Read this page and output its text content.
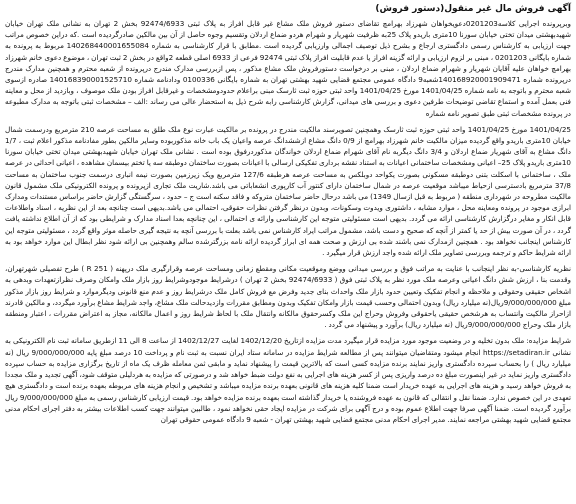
آگهی فروش مال غیر منقول(دستور فروش)

وبرپرونده اجرایی کلاسه0201203دعویخواهان شهرزاد بهرامچ تقاضای دستور فروش ملک مشاع غیر قابل افراز به پلاک ثبتی 92474/6933 بخش 2 تهران به نشانی ملک تهران خیابان شهیدبهشتی میدان تختی خیابان سورنا 10متری باریدو پلاک 25به ظرفیت شهریار و شهرام هردو ضماع اردلان وتقسیم وجوه حاصل از آن بین مالکین صادرگردیده است .که دراین خصوص مراتب جهت ارزیابی به کارشناس رسمی دادگستری ارجاع و بشرح ذیل توصیف اجمالی وارزیابی گردیده است .مطابق با قرار کارشناسی به شماره 140268440001655084 مربوط به پرونده به شماره بایگانی 0201203 ، مبنی بر لزوم ارزیابی و ارائه گزینه افراز یا عدم قابلیت افراز پلاک ثبتی 92474 فرعی از 6933 اصلی قطعه 2واقع در بخش 2 ثبت تهران ، موضوع دعوی خانم شهرزاد بهرامچ خواهان علیه آقایان شهریار و شهرام ضماع اردلان ، مبنی بر درخواست دستورفروش ملک مشاع مذکور ، پس ازبررسی مدارک مندرج درپرونده از شعبه محترم و همچنین مدارک مندرج درپرونده شماره 140168920001909471شعبه9 دادگاه عمومی مجتمع قضایی شهید بهشتی تهران به شماره بایگانی 0100336 ودادنامه شماره 140168390001525710 صادره ازسوی شعبه محترم و باتوجه به نامه شماره 1401/04/25 مورخ 1401/04/25 واحد ثبتی حوزه ثبت ثارسک مبنی براعلام حدودومشخصات و غیرقابل افراز بودن ملک موصوف ، وبازدید از محل و معاینه فنی بعمل آمده و استماع تقاضی توضیحات طرفین دعوی و بررسی های میدانی، گزارش کارشناسی رابه شرح ذیل به استحضار عالی می رساند :الف – مشخصات ثبتی باتوجه به مدارک مطبوعه در پرونده مشخصات ثبتی طبق تصویر نامه شماره

1401/04/25 مورخ 1401/04/25 واحد ثبتی حوزه ثبت ثارسک وهمچنین تصویرسند مالکیت مندرج در پرونده بر مالکیت عبارت نوع ملک طلق به مساحت عرصه 210 مترمربع ودرسمت شمال خیابان 10متری باریدو واقع گردیده میزان مالکیت خانم شهرزاد بهرامچ از 0/9 دانگ مشاع ازششدانگ عرصه واعیان یک باب خانه مذکوربوده وسایر مالکین بطور مفادنامه مذکور اعلام ثبت ، 1/7 دانگ مشاع به آقای شهریار ضماع اردلان و 3/4 دانگ دیگربه نام آقای شهرام ضماع اردلان خواندگان مذکوردرفوق بوده است . نشانی ملک تهران خیابان شهیدبهشتی میدان تختی خیابان سورنا 10متری باریدو پلاک 25– اعیانی ومشخصات ساختمانی اعیانات به استناد نقشه برداری تفکیکی ارسالی با اعیانات بصورت ساختمان دوطبقه سه یا تختم بیسمان مشاهده ، اعیانی احداثی در عرصه ملک ، ساختمانی با اسکلت بتنی دوطبقه مسکونی بصورت یکواحد دوبلکس به مساحت عرصه هرطبقه 127/6 مترمربع ویک زیرزمین بصورت نیمه انباری درسمت جنوب ساختمان به مساحت 37/8 مترمربع بادسترسی ازحیاط میباشد موقعیت عرصه در شمال ساختمان دارای کنتور آب کارپوری انشعاباتی می باشد.شاریت ملک تجاری ازپرونده و پرونده الکترونیکی ملک مشمول قانون مالکیت مطروحه در شهرداری منطقه ( مربوط به قبل ازسال 1349) می باشد درحال حاضر ساختمان متروکه و فاقد سکنه است ج – حدود ، سرگستگی گزارش حاضر براساس مستندات ومدارک ابرازی موجود در پرونده ومعاینه محل ، موارد مشابه ، داشتوری ویدوت وسکونات، وبدون درنظر گرفتن نظرات حقوقی، احتمالی می باشد.بدیهی است چنانچه بعد از این نظریه ، اسناد واطلاعات قابل انکار و مغایر درگزارش کارشناسی ارائه می گردد. بدیهی است مسئولیتی متوجه این کارشناسی وارائه ی احتمالی ، این چنانچه بعدا اسناد مدارک و شرایطی بود که از آن اطلاع نداشته یافت گردد ، در آن صورت بیش از حد یا کمتر از آنچه که صحیح و دست باشد، مشمول مراتب ایراد کارشناس نمی باشد بعلت با بررسی آنچه به نتیجه گیری حاصله موثر واقع گردد ، مسئولیتی متوجه این کارشناس اینجانب نخواهد بود . همچنین ازمدارک نمی باشند شده بی ارزش و صحت همه ای ابراز گردیده ارائه نامه بزرگترشده سالم وهمچنین بی ارائه شود نظر ابطال این موارد خواهد بود به ارائه شرایط حاکم و ترجمه وبررسی تصاویر ملک ارائه شده واجد ارزش قرار میگیرد .

نظریه کارشناسی-به نظر اینجانب با عنایت به مراتب فوق و بررسی میدانی ووضع وموقعیت مکانی ومقطع زمانی ومساحت عرصه وقرارگیری ملک درپهنه ( R 251 ) طرح تفصیلی شهرتهران، وقدمت بنا ، ارزش شش دانگ اعیانی وعرصه ملک مورد نظر به پلاک ثبتی فوق ( 92474/6933 بخش 2 تهران ) درشرایط موجودوشرایط روز بازار ملک وامکان وصرف نظرازتعهدات وبدهی به اشخاص حقیقی وحقوقی و ملاحظه و انجام تفکیک وتعیین حدود بازار ملک واحداث بنای جدید وفرض مع فروش کامل ملک درشرایط روز و عدم منع قانونی ودیگرموارد و شرایط روز بازار مذکور مبلغ 9/000/000/000ریال(نه میلیارد ریال) وبدون احتمالی وحسب قیمت بازار وامکان تفکیک وبدون ومطابق مقررات وازدیدحالت ملک مشاع، واجد شرایط مشاع برآورد میگردد، و مالکین قادرند ازاحراز مالکیت وانتساب به هرشخص حقیقی یاحقوقی وفروش وحراج این ملک وکسرحقوق مالکانه وانتقال ملک با لحاظ شرایط روز و اعمال مالکانه، مجاز به اعتراض مقررات ، اعتبار ومنطقه بازار ملک وحراج 9/000/000/000ریال (نه میلیارد ریال) برآورد و پیشنهاد می گردد .

شرایط مزایده: ملک بدون تخلیه و در وضعیت موجود مورد مزایده قرار میگیرد مدت مزایده ازتاریخ 1402/12/20 لغایت 1402/12/27 از ساعت 8 الی 11 ازطریق سامانه ثبت نام الکترونیکی به نشانی https://setadiran.ir انجام میشود ومتقاضیان میتوانند پس از مطالعه شرایط مزایده در سامانه ستاد ایران نسبت به ثبت نام و پرداخت 10 درصد مبلغ پایه 9/000/000/000 ریال (نه میلیارد ریال ) را بحساب سپرده دادگستری واریز نمایند برنده مزایده کسی است که بالاترین قیمت را پیشنهاد نماید و مابقی ثمن معامله ظرف یک ماه از تاریخ برگزاری مزایده به حساب سپرده دادگستری واریز نماید در غیر اینصورت مبلغ ده درصد واریزی پس از کسر هزینه های اجرایی به نفع دولت ضبط خواهد شد و درصورتی که مزایده به هردلیلی متوقف شود، آگهی تجدید و ملک مجددا به فروش خواهد رسید و هزینه های اجرایی به عهده خریدار است ضمنا کلیه هزینه های قانونی بعهده برنده مزایده میباشد و تشخیص و انجام هزینه های مربوطه بعهده برنده است و دادگستری هیچ تعهدی در این خصوص ندارد. ضمنا نقل و انتقالی که قانون به عهده فروشنده یا خریدار گذاشته است بعهده برنده مزایده خواهد بود. قیمت ارزیابی کارشناس رسمی به مبلغ 9/000/000/000 ریال برآورد گردیده است. ضمنا آگهی صرفا جهت اطلاع عموم بوده و درج آگهی برای شرکت در مزایده ایجاد حقی نخواهد نمود ، طالبین میتوانند جهت کسب اطلاعات بیشتر به دفتر اجرای احکام مدنی مجتمع قضایی شهید بهشتی مراجعه نمایند. مدیر اجرای احکام مدنی مجتمع قضایی شهید بهشتی تهران - شعبه 9 دادگاه عمومی حقوقی تهران
